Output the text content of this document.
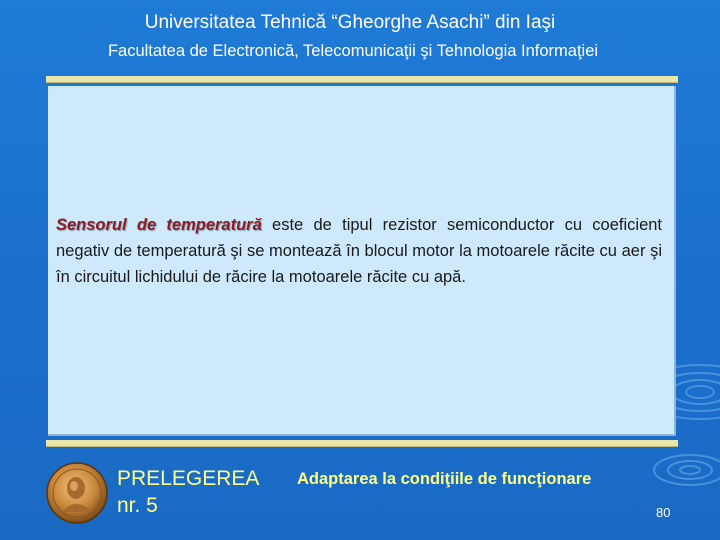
Universitatea Tehnică “Gheorghe Asachi” din Iaşi
Facultatea de Electronică, Telecomunicaţii şi Tehnologia Informaţiei

Sensorul de temperatură este de tipul rezistor semiconductor cu coeficient negativ de temperatură şi se montează în blocul motor la motoarele răcite cu aer şi în circuitul lichidului de răcire la motoarele răcite cu apă.

PRELEGEREA
nr. 5
Adaptarea la condiţiile de funcţionare
80
